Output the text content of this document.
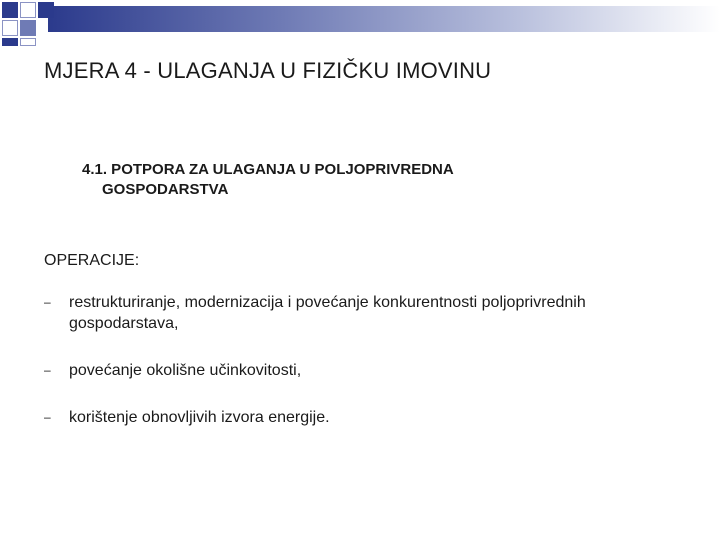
MJERA 4 - ULAGANJA U FIZIČKU IMOVINU
4.1. POTPORA ZA ULAGANJA U POLJOPRIVREDNA
GOSPODARSTVA
OPERACIJE:
– restrukturiranje, modernizacija i povećanje konkurentnosti poljoprivrednih gospodarstava,
– povećanje okolišne učinkovitosti,
– korištenje obnovljivih izvora energije.
